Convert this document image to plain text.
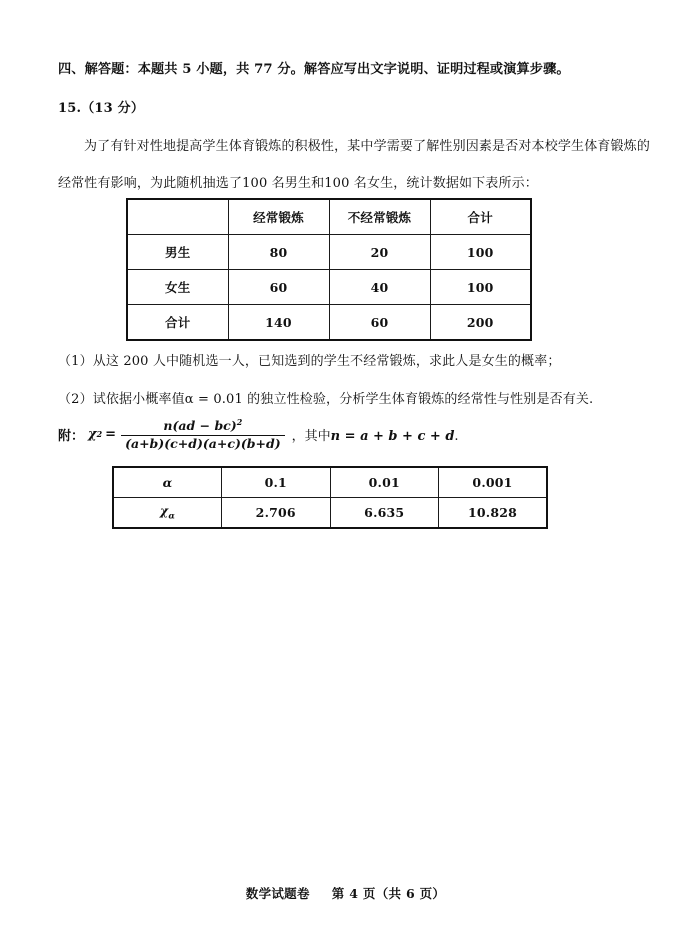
四、解答题：本题共 5 小题，共 77 分。解答应写出文字说明、证明过程或演算步骤。
15.（13 分）
为了有针对性地提高学生体育锻炼的积极性，某中学需要了解性别因素是否对本校学生体育锻炼的经常性有影响，为此随机抽选了100 名男生和100 名女生，统计数据如下表所示：
	经常锻炼	不经常锻炼	合计
男生	80	20	100
女生	60	40	100
合计	140	60	200
（1）从这 200 人中随机选一人，已知选到的学生不经常锻炼，求此人是女生的概率；
（2）试依据小概率值α = 0.01 的独立性检验，分析学生体育锻炼的经常性与性别是否有关.
附： χ $2 = \frac{n(ad - bc)^2}{(a+b)(c+d)(a+c)(b+d)}$ ，其中n = a + b + c + d.
α	0.1	0.01	0.001
$\chi_\alpha$	2.706	6.635	10.828
数学试题卷 第 4 页（共 6 页）
